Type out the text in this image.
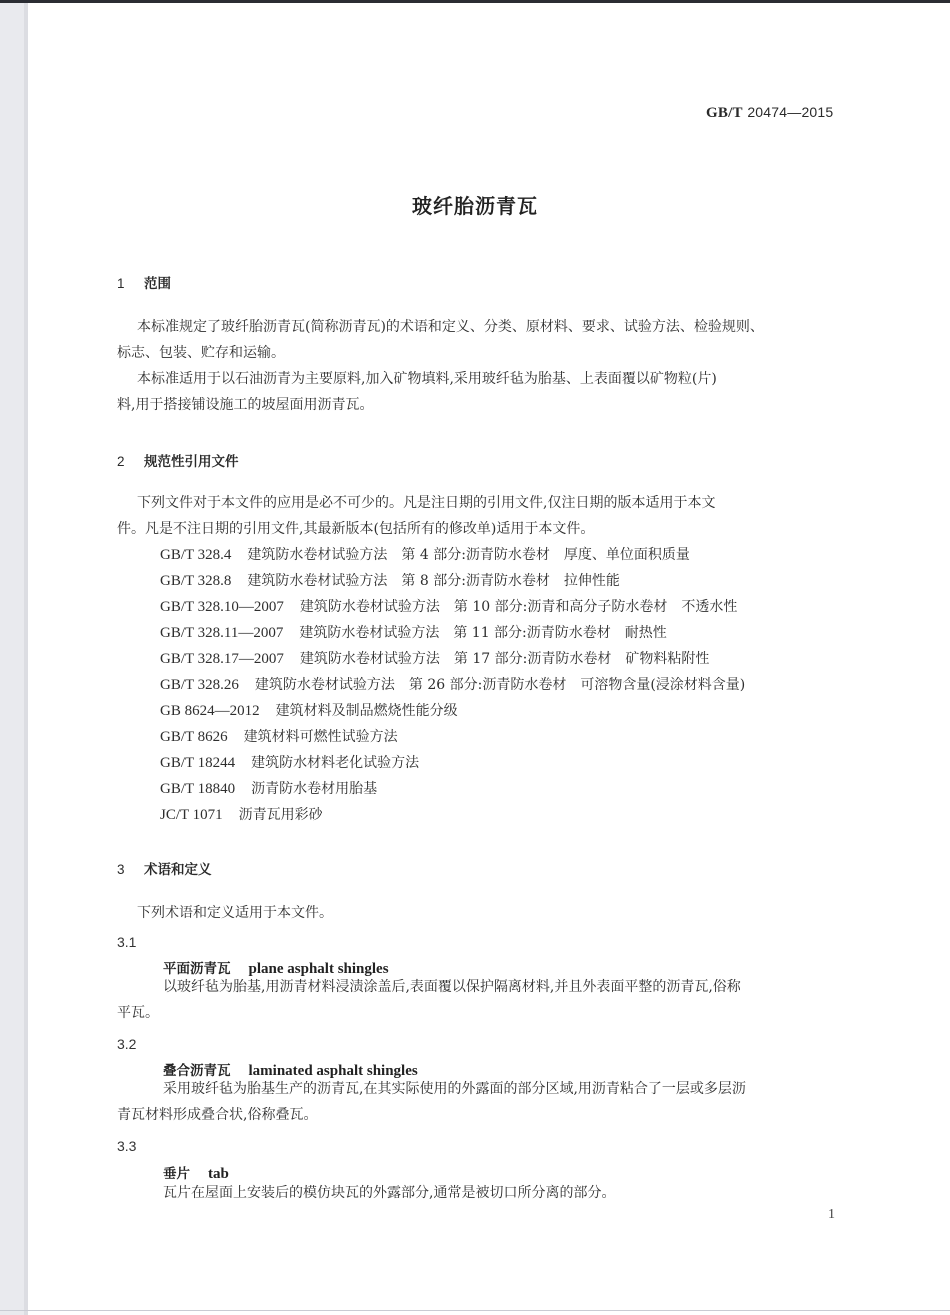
GB/T 20474—2015
玻纤胎沥青瓦
1 范围
本标准规定了玻纤胎沥青瓦(简称沥青瓦)的术语和定义、分类、原材料、要求、试验方法、检验规则、
标志、包装、贮存和运输。
本标准适用于以石油沥青为主要原料,加入矿物填料,采用玻纤毡为胎基、上表面覆以矿物粒(片)
料,用于搭接铺设施工的坡屋面用沥青瓦。
2 规范性引用文件
下列文件对于本文件的应用是必不可少的。凡是注日期的引用文件,仅注日期的版本适用于本文
件。凡是不注日期的引用文件,其最新版本(包括所有的修改单)适用于本文件。
GB/T 328.4 建筑防水卷材试验方法　第 4 部分:沥青防水卷材　厚度、单位面积质量
GB/T 328.8 建筑防水卷材试验方法　第 8 部分:沥青防水卷材　拉伸性能
GB/T 328.10—2007 建筑防水卷材试验方法　第 10 部分:沥青和高分子防水卷材　不透水性
GB/T 328.11—2007 建筑防水卷材试验方法　第 11 部分:沥青防水卷材　耐热性
GB/T 328.17—2007 建筑防水卷材试验方法　第 17 部分:沥青防水卷材　矿物料粘附性
GB/T 328.26 建筑防水卷材试验方法　第 26 部分:沥青防水卷材　可溶物含量(浸涂材料含量)
GB 8624—2012 建筑材料及制品燃烧性能分级
GB/T 8626 建筑材料可燃性试验方法
GB/T 18244 建筑防水材料老化试验方法
GB/T 18840 沥青防水卷材用胎基
JC/T 1071 沥青瓦用彩砂
3 术语和定义
下列术语和定义适用于本文件。
3.1
平面沥青瓦 plane asphalt shingles
以玻纤毡为胎基,用沥青材料浸渍涂盖后,表面覆以保护隔离材料,并且外表面平整的沥青瓦,俗称
平瓦。
3.2
叠合沥青瓦 laminated asphalt shingles
采用玻纤毡为胎基生产的沥青瓦,在其实际使用的外露面的部分区域,用沥青粘合了一层或多层沥
青瓦材料形成叠合状,俗称叠瓦。
3.3
垂片 tab
瓦片在屋面上安装后的模仿块瓦的外露部分,通常是被切口所分离的部分。
1
